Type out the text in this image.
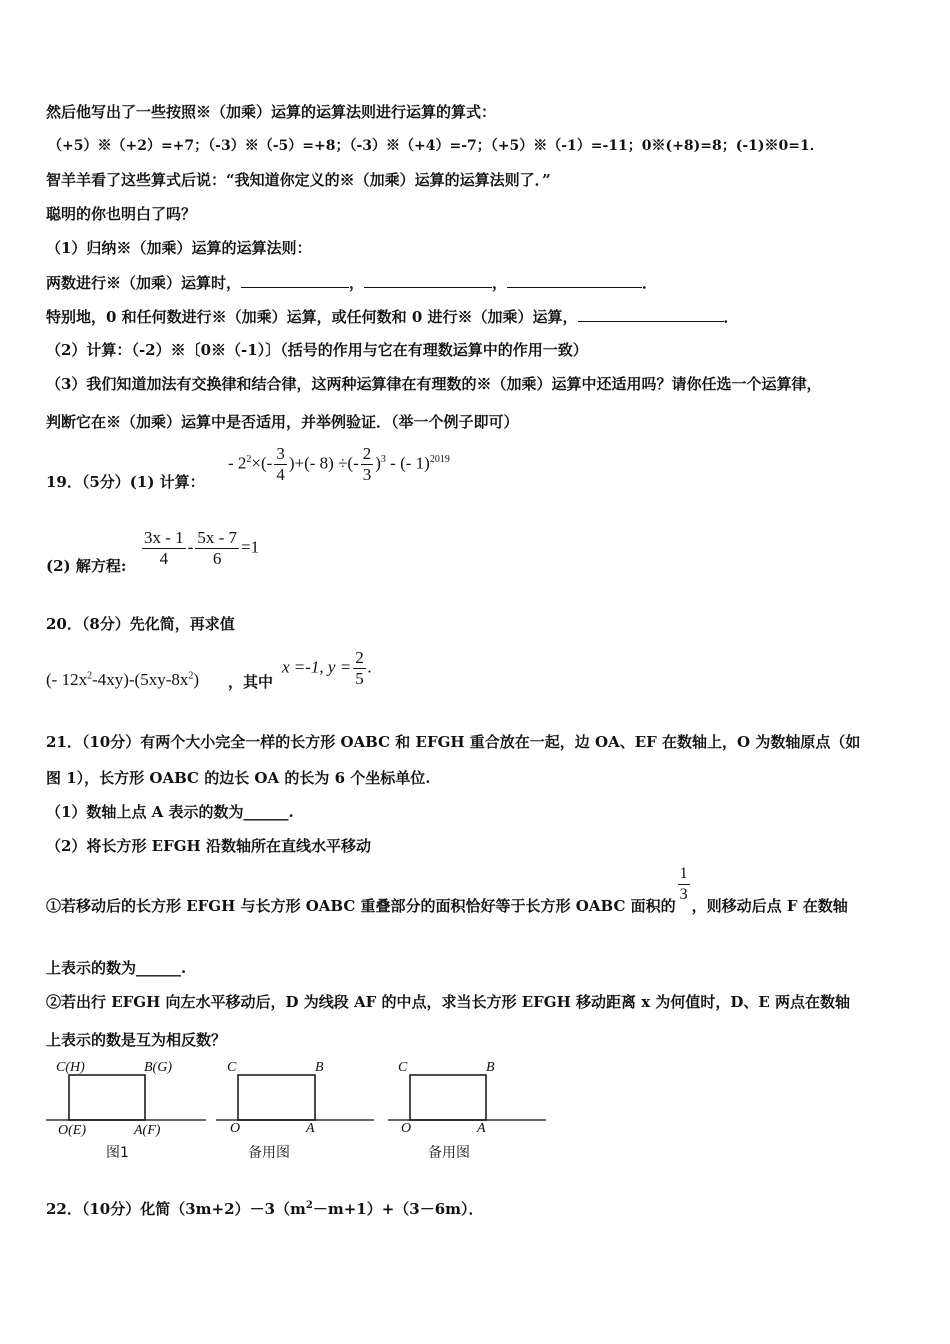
然后他写出了一些按照※（加乘）运算的运算法则进行运算的算式：
（+5）※（+2）=+7；（-3）※（-5）=+8；（-3）※（+4）=-7；（+5）※（-1）=-11；0※(+8)=8；(-1)※0=1．
智羊羊看了这些算式后说：“我知道你定义的※（加乘）运算的运算法则了．”
聪明的你也明白了吗？
（1）归纳※（加乘）运算的运算法则：
两数进行※（加乘）运算时，	，	，	．
特别地，0 和任何数进行※（加乘）运算，或任何数和 0 进行※（加乘）运算，	．
（2）计算：（-2）※〔0※（-1）〕（括号的作用与它在有理数运算中的作用一致）
（3）我们知道加法有交换律和结合律，这两种运算律在有理数的※（加乘）运算中还适用吗？请你任选一个运算律，
判断它在※（加乘）运算中是否适用，并举例验证．（举一个例子即可）
19．（5分）(1) 计算：
- $2^2\times(- \frac{3}{4}$ )+(- 8) ÷(- $\frac{2}{3} )^3$ - (- 1)$^{2019}$
(2) 解方程: $\frac{3x - 1}{4} - \frac{5x - 7}{6} =1$
20．（8分）先化简，再求值
(- $12x^2-4xy)-(5xy-8x^2)$ ，其中
x =-1, $y = \frac{2}{5}$ .
21．（10分）有两个大小完全一样的长方形 OABC 和 EFGH 重合放在一起，边 OA、EF 在数轴上，O 为数轴原点（如
图 1），长方形 OABC 的边长 OA 的长为 6 个坐标单位.
（1）数轴上点 A 表示的数为______.
（2）将长方形 EFGH 沿数轴所在直线水平移动
①若移动后的长方形 EFGH 与长方形 OABC 重叠部分的面积恰好等于长方形 OABC 面积的
$\frac{1}{3}$
，则移动后点 F 在数轴
上表示的数为______.
②若出行 EFGH 向左水平移动后，D 为线段 AF 的中点，求当长方形 EFGH 移动距离 x 为何值时，D、E 两点在数轴
上表示的数是互为相反数？
C(H)	B(G)
O(E)	A(F)
图1
C	B
O	A
备用图
C	B
O	A
备用图
22．（10分）化简$(3m+2)-3(m^2-m+1)+(3-6m)$．
